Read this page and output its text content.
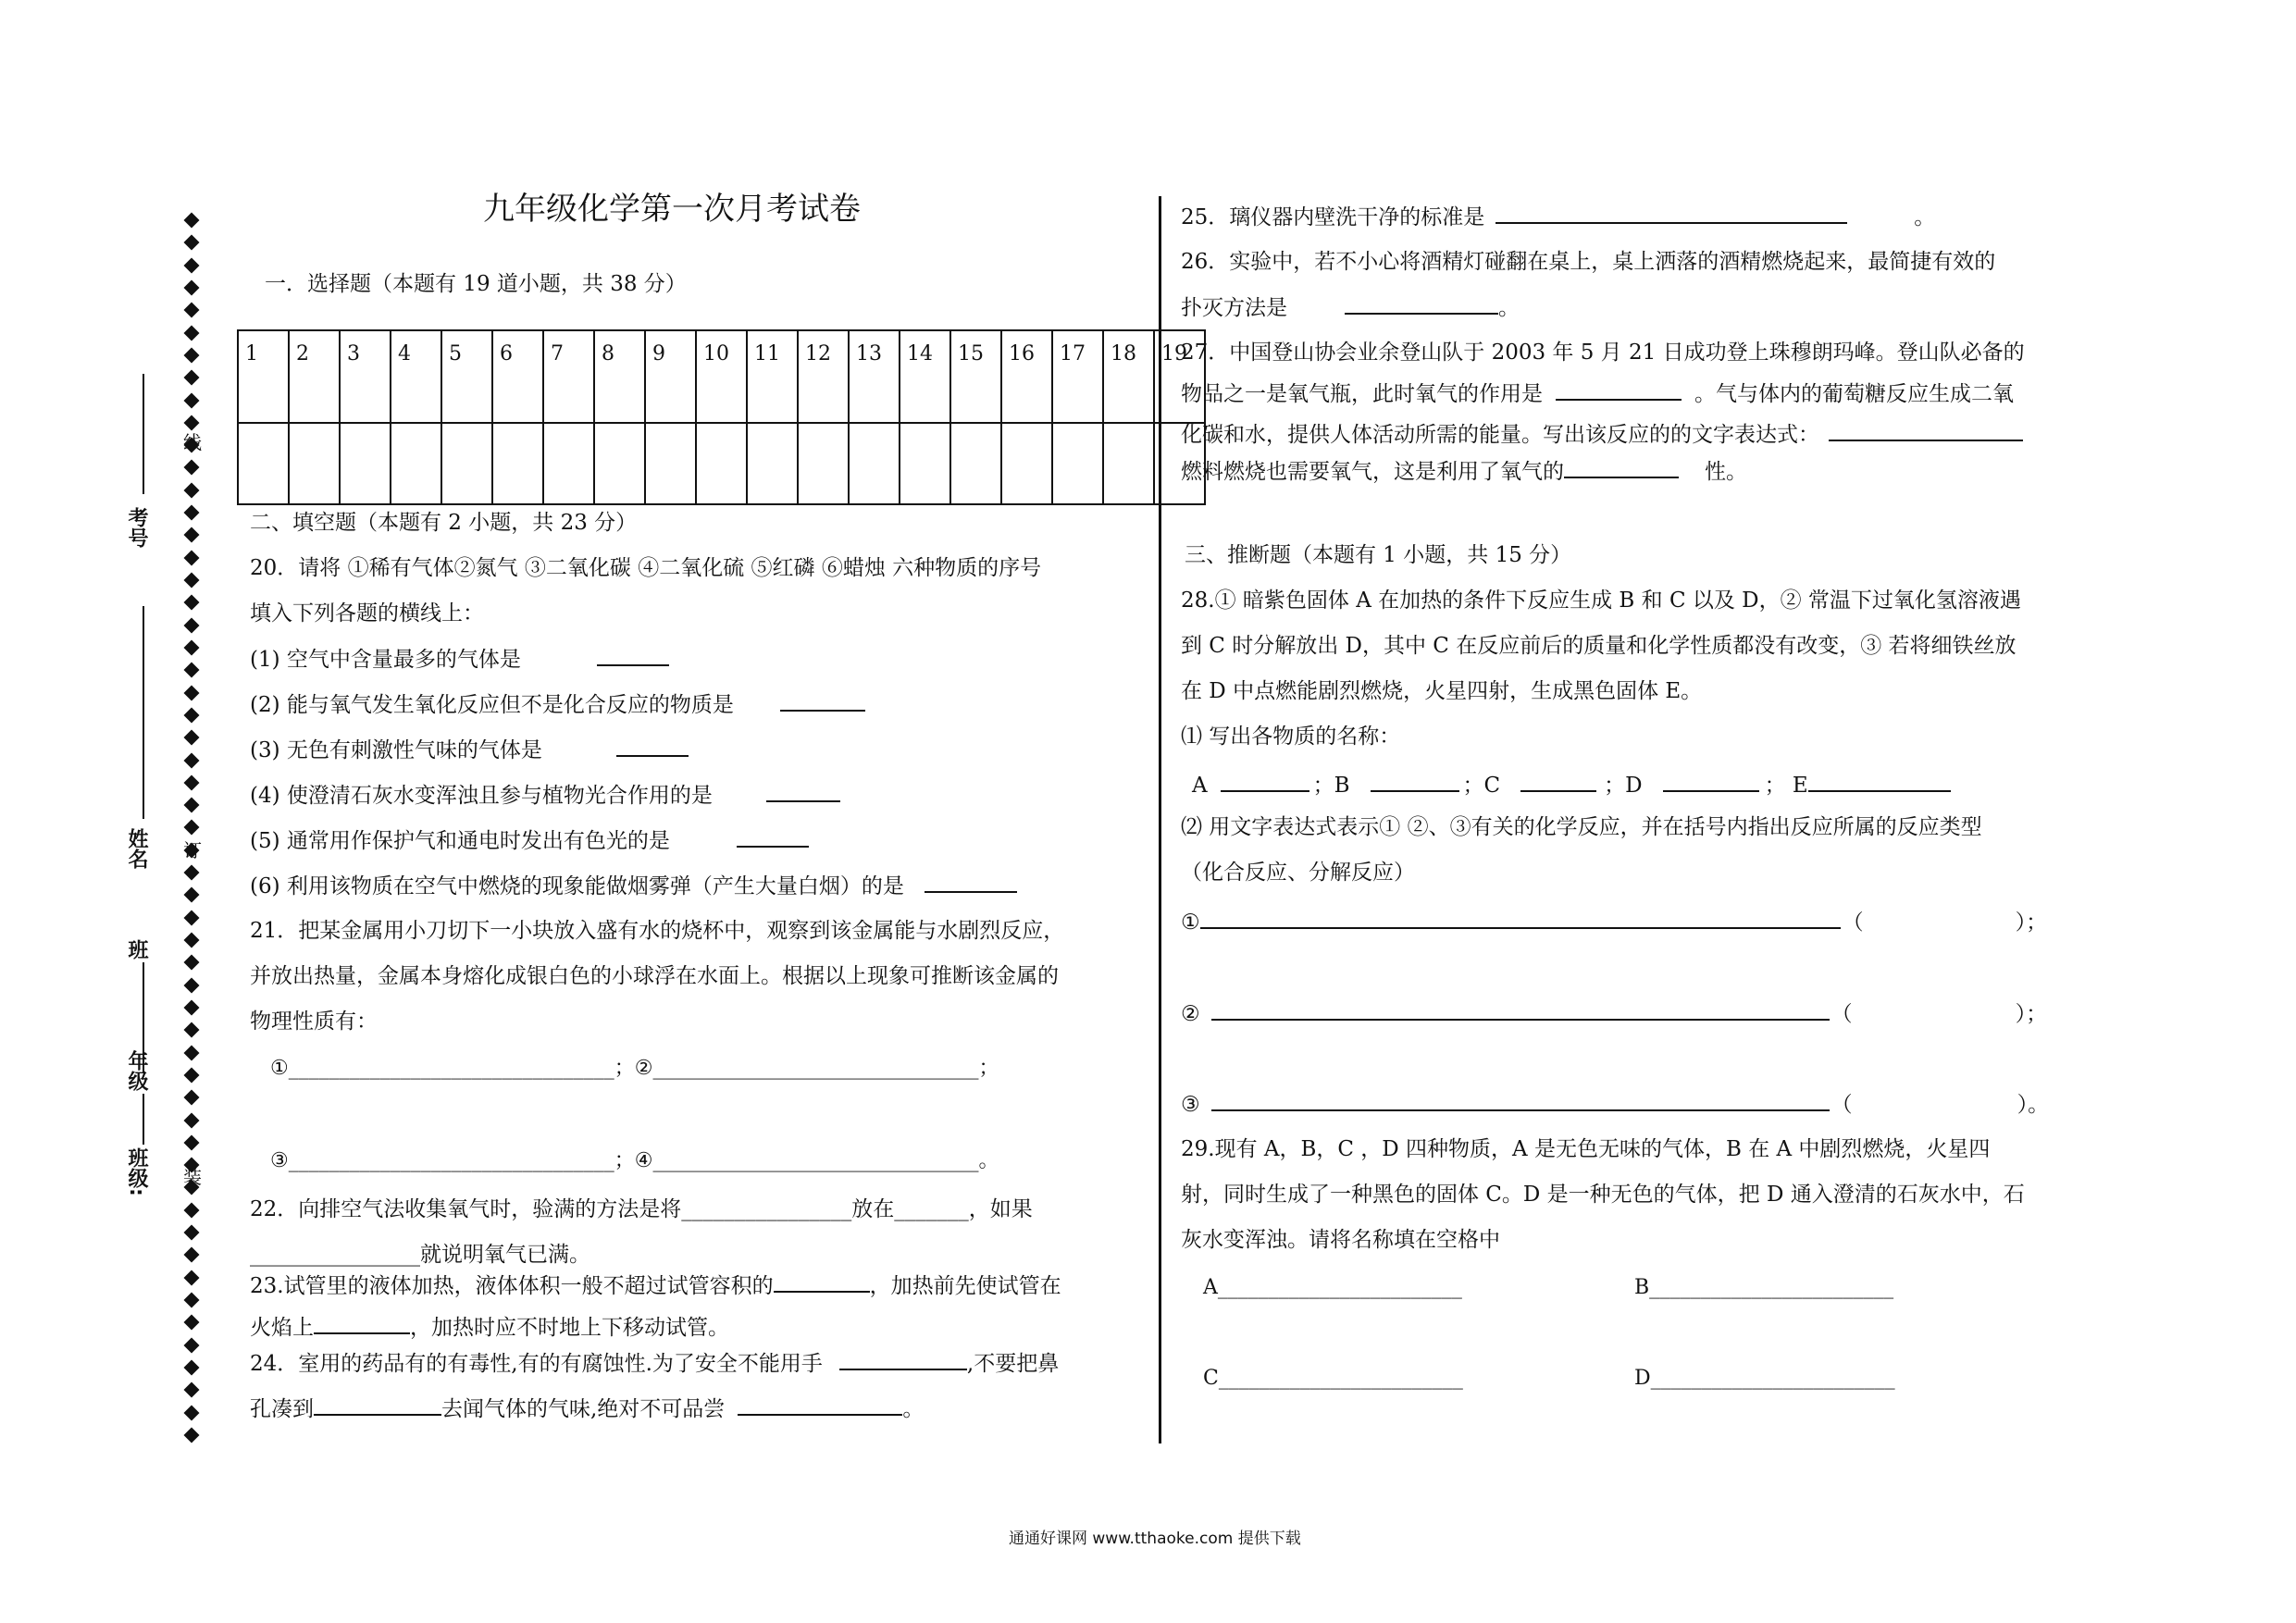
考号
姓名
班
年级
班级:
线
订
装
九年级化学第一次月考试卷
一．选择题（本题有 19 道小题，共 38 分）
1	2	3	4	5	6	7	8	9	10	11	12	13	14	15	16	17	18	19

二、填空题（本题有 2 小题，共 23 分）
20．请将 ①稀有气体②氮气 ③二氧化碳 ④二氧化硫 ⑤红磷 ⑥蜡烛 六种物质的序号
填入下列各题的横线上：
(1) 空气中含量最多的气体是
(2) 能与氧气发生氧化反应但不是化合反应的物质是
(3) 无色有刺激性气味的气体是
(4) 使澄清石灰水变浑浊且参与植物光合作用的是
(5) 通常用作保护气和通电时发出有色光的是
(6) 利用该物质在空气中燃烧的现象能做烟雾弹（产生大量白烟）的是
21．把某金属用小刀切下一小块放入盛有水的烧杯中，观察到该金属能与水剧烈反应，
并放出热量，金属本身熔化成银白色的小球浮在水面上。根据以上现象可推断该金属的
物理性质有：
①________________________________；②________________________________；
③________________________________；④________________________________。
22．向排空气法收集氧气时，验满的方法是将________________放在_______，如果
________________就说明氧气已满。
23.试管里的液体加热，液体体积一般不超过试管容积的	，加热前先使试管在
火焰上	，加热时应不时地上下移动试管。
24．室用的药品有的有毒性,有的有腐蚀性.为了安全不能用手	,不要把鼻
孔凑到	去闻气体的气味,绝对不可品尝	。
25．璃仪器内壁洗干净的标准是	。
26．实验中，若不小心将酒精灯碰翻在桌上，桌上洒落的酒精燃烧起来，最简捷有效的
扑灭方法是	。
27．中国登山协会业余登山队于 2003 年 5 月 21 日成功登上珠穆朗玛峰。登山队必备的
物品之一是氧气瓶，此时氧气的作用是	。气与体内的葡萄糖反应生成二氧
化碳和水，提供人体活动所需的能量。写出该反应的的文字表达式：
燃料燃烧也需要氧气，这是利用了氧气的	性。
三、推断题（本题有 1 小题，共 15 分）
28.① 暗紫色固体 A 在加热的条件下反应生成 B 和 C 以及 D，② 常温下过氧化氢溶液遇
到 C 时分解放出 D，其中 C 在反应前后的质量和化学性质都没有改变，③ 若将细铁丝放
在 D 中点燃能剧烈燃烧，火星四射，生成黑色固体 E。
⑴ 写出各物质的名称：
A	；B	；C	；D	； E
⑵ 用文字表达式表示① ②、③有关的化学反应，并在括号内指出反应所属的反应类型
（化合反应、分解反应）
①	（	）；
②	（	）；
③	（	）。
29.现有 A，B，C ，D 四种物质，A 是无色无味的气体，B 在 A 中剧烈燃烧，火星四
射，同时生成了一种黑色的固体 C。D 是一种无色的气体，把 D 通入澄清的石灰水中，石
灰水变浑浊。请将名称填在空格中
A________________________	B________________________
C________________________	D________________________
通通好课网 www.tthaoke.com 提供下载
